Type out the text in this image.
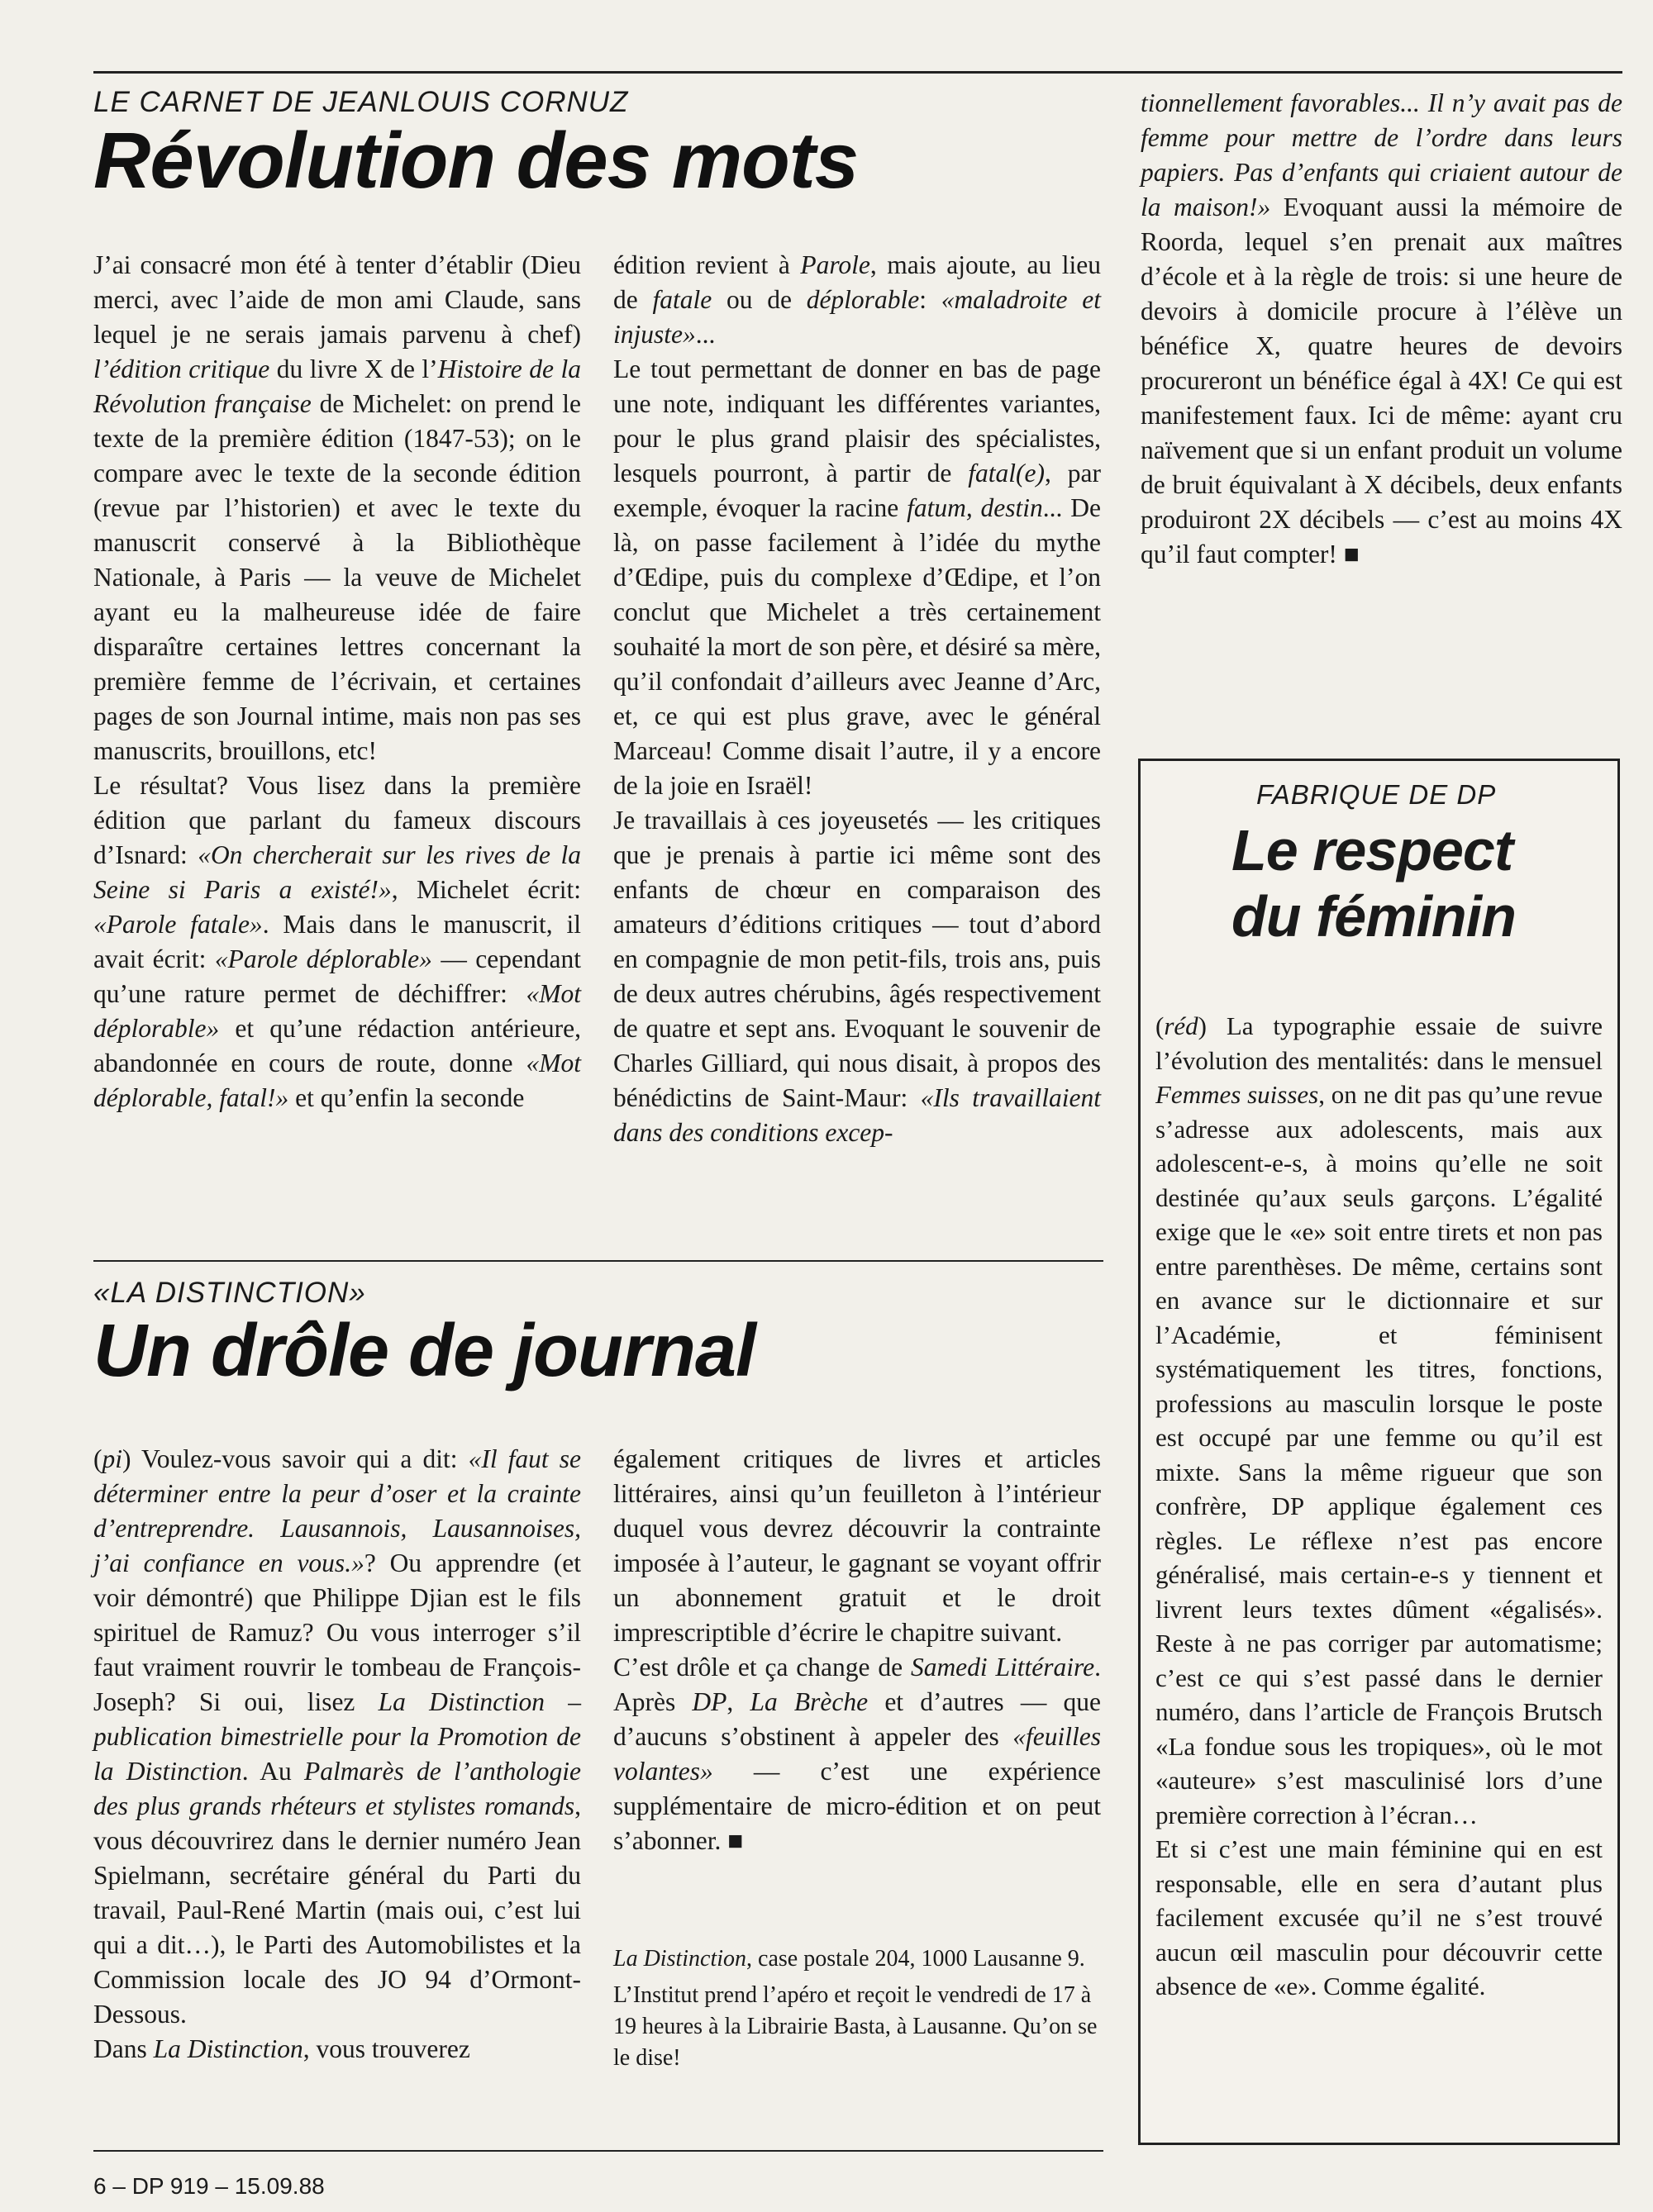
LE CARNET DE JEANLOUIS CORNUZ
Révolution des mots

J’ai consacré mon été à tenter d’établir (Dieu merci, avec l’aide de mon ami Claude, sans lequel je ne serais jamais parvenu à chef) l’édition critique du livre X de l’Histoire de la Révolution française de Michelet: on prend le texte de la première édition (1847-53); on le compare avec le texte de la seconde édition (revue par l’historien) et avec le texte du manuscrit conservé à la Bibliothèque Nationale, à Paris — la veuve de Michelet ayant eu la malheureuse idée de faire disparaître certaines lettres concernant la première femme de l’écrivain, et certaines pages de son Journal intime, mais non pas ses manuscrits, brouillons, etc!

Le résultat? Vous lisez dans la première édition que parlant du fameux discours d’Isnard: «On chercherait sur les rives de la Seine si Paris a existé!», Michelet écrit: «Parole fatale». Mais dans le manuscrit, il avait écrit: «Parole déplorable» — cependant qu’une rature permet de déchiffrer: «Mot déplorable» et qu’une rédaction antérieure, abandonnée en cours de route, donne «Mot déplorable, fatal!» et qu’enfin la seconde

édition revient à Parole, mais ajoute, au lieu de fatale ou de déplorable: «maladroite et injuste»...

Le tout permettant de donner en bas de page une note, indiquant les différentes variantes, pour le plus grand plaisir des spécialistes, lesquels pourront, à partir de fatal(e), par exemple, évoquer la racine fatum, destin... De là, on passe facilement à l’idée du mythe d’Œdipe, puis du complexe d’Œdipe, et l’on conclut que Michelet a très certainement souhaité la mort de son père, et désiré sa mère, qu’il confondait d’ailleurs avec Jeanne d’Arc, et, ce qui est plus grave, avec le général Marceau! Comme disait l’autre, il y a encore de la joie en Israël!

Je travaillais à ces joyeusetés — les critiques que je prenais à partie ici même sont des enfants de chœur en comparaison des amateurs d’éditions critiques — tout d’abord en compagnie de mon petit-fils, trois ans, puis de deux autres chérubins, âgés respectivement de quatre et sept ans. Evoquant le souvenir de Charles Gilliard, qui nous disait, à propos des bénédictins de Saint-Maur: «Ils travaillaient dans des conditions excep-

tionnellement favorables... Il n’y avait pas de femme pour mettre de l’ordre dans leurs papiers. Pas d’enfants qui criaient autour de la maison!» Evoquant aussi la mémoire de Roorda, lequel s’en prenait aux maîtres d’école et à la règle de trois: si une heure de devoirs à domicile procure à l’élève un bénéfice X, quatre heures de devoirs procureront un bénéfice égal à 4X! Ce qui est manifestement faux. Ici de même: ayant cru naïvement que si un enfant produit un volume de bruit équivalant à X décibels, deux enfants produiront 2X décibels — c’est au moins 4X qu’il faut compter! ■

«LA DISTINCTION»
Un drôle de journal

(pi) Voulez-vous savoir qui a dit: «Il faut se déterminer entre la peur d’oser et la crainte d’entreprendre. Lausannois, Lausannoises, j’ai confiance en vous.»? Ou apprendre (et voir démontré) que Philippe Djian est le fils spirituel de Ramuz? Ou vous interroger s’il faut vraiment rouvrir le tombeau de François-Joseph? Si oui, lisez La Distinction – publication bimestrielle pour la Promotion de la Distinction. Au Palmarès de l’anthologie des plus grands rhéteurs et stylistes romands, vous découvrirez dans le dernier numéro Jean Spielmann, secrétaire général du Parti du travail, Paul-René Martin (mais oui, c’est lui qui a dit…), le Parti des Automobilistes et la Commission locale des JO 94 d’Ormont-Dessous.

Dans La Distinction, vous trouverez

également critiques de livres et articles littéraires, ainsi qu’un feuilleton à l’intérieur duquel vous devrez découvrir la contrainte imposée à l’auteur, le gagnant se voyant offrir un abonnement gratuit et le droit imprescriptible d’écrire le chapitre suivant.

C’est drôle et ça change de Samedi Littéraire. Après DP, La Brèche et d’autres — que d’aucuns s’obstinent à appeler des «feuilles volantes» — c’est une expérience supplémentaire de micro-édition et on peut s’abonner. ■

La Distinction, case postale 204, 1000 Lausanne 9.

L’Institut prend l’apéro et reçoit le vendredi de 17 à 19 heures à la Librairie Basta, à Lausanne. Qu’on se le dise!

FABRIQUE DE DP
Le respect
du féminin

(réd) La typographie essaie de suivre l’évolution des mentalités: dans le mensuel Femmes suisses, on ne dit pas qu’une revue s’adresse aux adolescents, mais aux adolescent-e-s, à moins qu’elle ne soit destinée qu’aux seuls garçons. L’égalité exige que le «e» soit entre tirets et non pas entre parenthèses. De même, certains sont en avance sur le dictionnaire et sur l’Académie, et féminisent systématiquement les titres, fonctions, professions au masculin lorsque le poste est occupé par une femme ou qu’il est mixte. Sans la même rigueur que son confrère, DP applique également ces règles. Le réflexe n’est pas encore généralisé, mais certain-e-s y tiennent et livrent leurs textes dûment «égalisés». Reste à ne pas corriger par automatisme; c’est ce qui s’est passé dans le dernier numéro, dans l’article de François Brutsch «La fondue sous les tropiques», où le mot «auteure» s’est masculinisé lors d’une première correction à l’écran…

Et si c’est une main féminine qui en est responsable, elle en sera d’autant plus facilement excusée qu’il ne s’est trouvé aucun œil masculin pour découvrir cette absence de «e». Comme égalité.

6 – DP 919 – 15.09.88
